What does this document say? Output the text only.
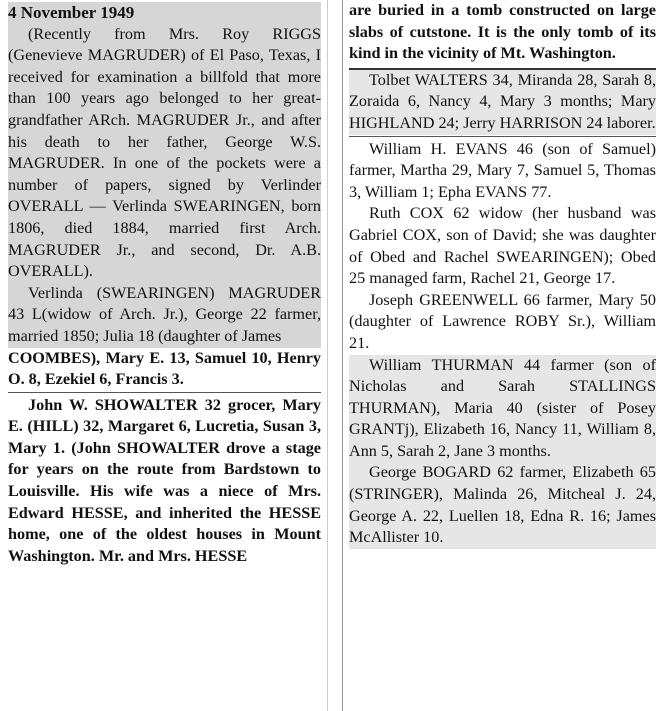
4 November 1949

(Recently from Mrs. Roy RIGGS (Genevieve MAGRUDER) of El Paso, Texas, I received for examination a billfold that more than 100 years ago belonged to her great-grandfather ARch. MAGRUDER Jr., and after his death to her father, George W.S. MAGRUDER. In one of the pockets were a number of papers, signed by Verlinder OVERALL — Verlinda SWEARINGEN, born 1806, died 1884, married first Arch. MAGRUDER Jr., and second, Dr. A.B. OVERALL).

Verlinda (SWEARINGEN) MAGRUDER 43 L(widow of Arch. Jr.), George 22 farmer, married 1850; Julia 18 (daughter of James

COOMBES), Mary E. 13, Samuel 10, Henry O. 8, Ezekiel 6, Francis 3.

John W. SHOWALTER 32 grocer, Mary E. (HILL) 32, Margaret 6, Lucretia, Susan 3, Mary 1. (John SHOWALTER drove a stage for years on the route from Bardstown to Louisville. His wife was a niece of Mrs. Edward HESSE, and inherited the HESSE home, one of the oldest houses in Mount Washington. Mr. and Mrs. HESSE

are buried in a tomb constructed on large slabs of cutstone. It is the only tomb of its kind in the vicinity of Mt. Washington.

Tolbet WALTERS 34, Miranda 28, Sarah 8, Zoraida 6, Nancy 4, Mary 3 months; Mary HIGHLAND 24; Jerry HARRISON 24 laborer.

William H. EVANS 46 (son of Samuel) farmer, Martha 29, Mary 7, Samuel 5, Thomas 3, William 1; Epha EVANS 77.

Ruth COX 62 widow (her husband was Gabriel COX, son of David; she was daughter of Obed and Rachel SWEARINGEN); Obed 25 managed farm, Rachel 21, George 17.

Joseph GREENWELL 66 farmer, Mary 50 (daughter of Lawrence ROBY Sr.), William 21.

William THURMAN 44 farmer (son of Nicholas and Sarah STALLINGS THURMAN), Maria 40 (sister of Posey GRANTj), Elizabeth 16, Nancy 11, William 8, Ann 5, Sarah 2, Jane 3 months.

George BOGARD 62 farmer, Elizabeth 65 (STRINGER), Malinda 26, Mitcheal J. 24, George A. 22, Luellen 18, Edna R. 16; James McAllister 10.
